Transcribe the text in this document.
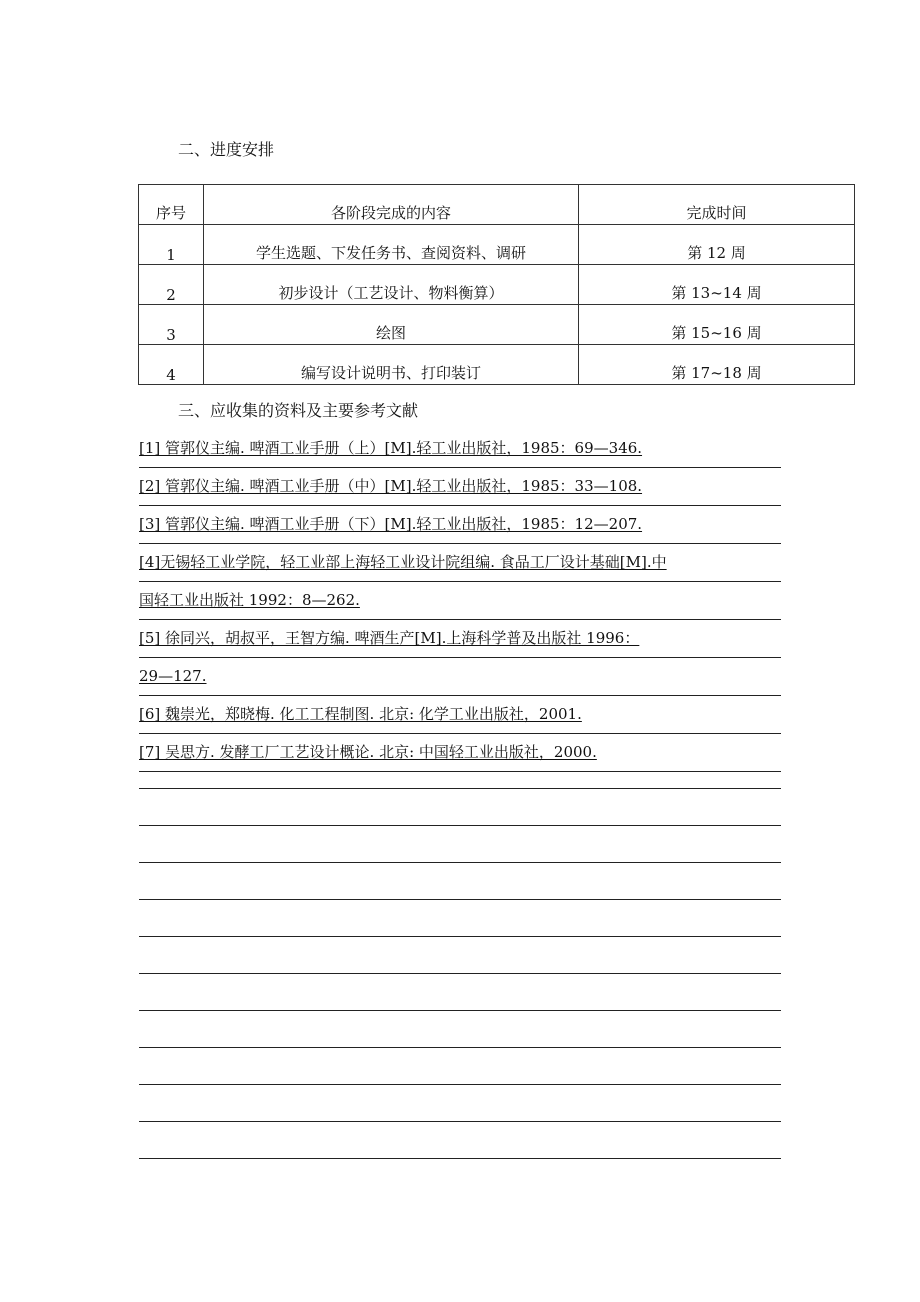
二、进度安排
序号	各阶段完成的内容	完成时间
1	学生选题、下发任务书、查阅资料、调研	第 12 周
2	初步设计（工艺设计、物料衡算）	第 13~14 周
3	绘图	第 15~16 周
4	编写设计说明书、打印装订	第 17~18 周
三、应收集的资料及主要参考文献
[1] 管郭仪主编. 啤酒工业手册（上）[M].轻工业出版社，1985：69—346.
[2] 管郭仪主编. 啤酒工业手册（中）[M].轻工业出版社，1985：33—108.
[3] 管郭仪主编. 啤酒工业手册（下）[M].轻工业出版社，1985：12—207.
[4]无锡轻工业学院，轻工业部上海轻工业设计院组编. 食品工厂设计基础[M].中
国轻工业出版社 1992：8—262.
[5] 徐同兴，胡叔平，王智方编. 啤酒生产[M].上海科学普及出版社 1996：
29—127.
[6] 魏崇光，郑晓梅. 化工工程制图. 北京: 化学工业出版社，2001.
[7] 吴思方. 发酵工厂工艺设计概论. 北京: 中国轻工业出版社，2000.
